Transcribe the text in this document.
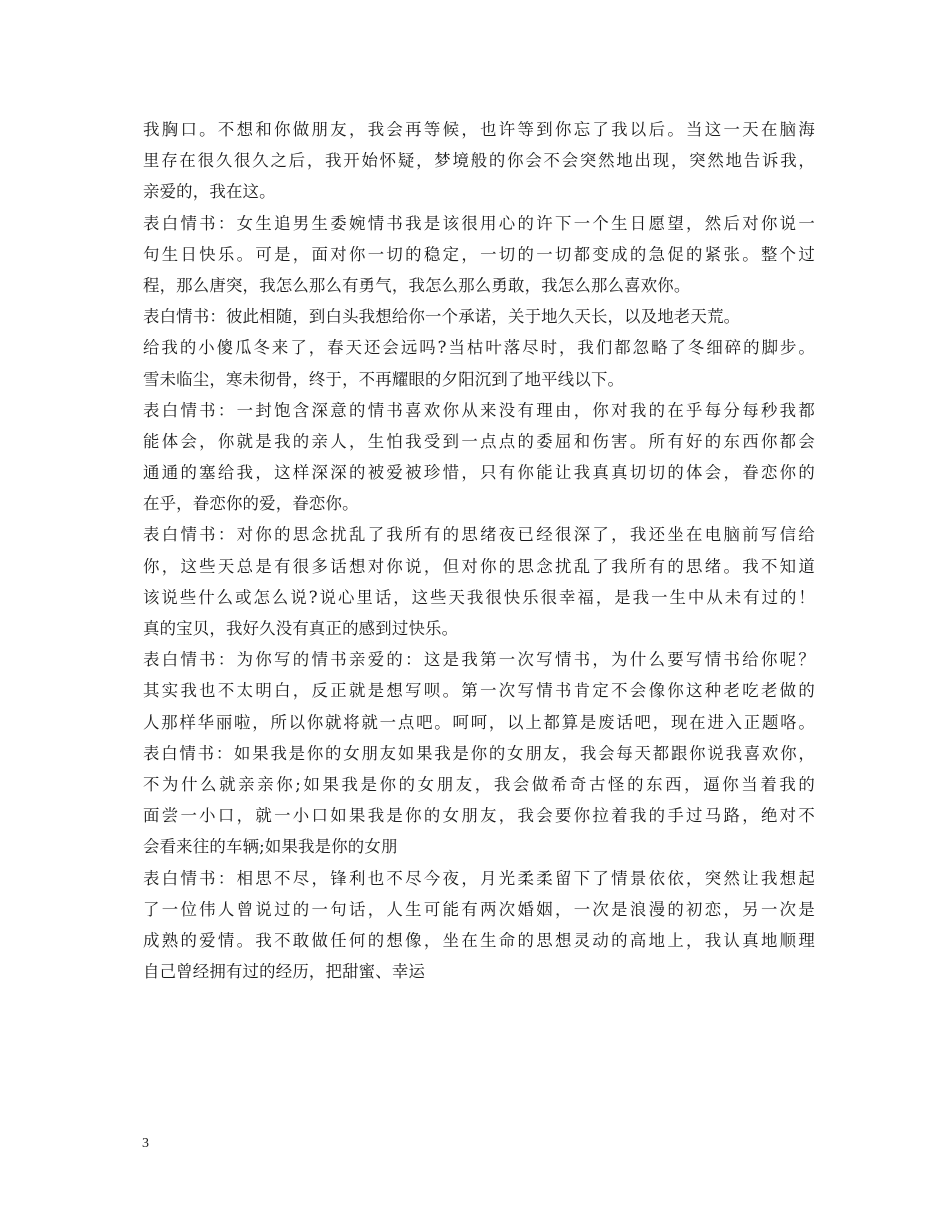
我胸口。不想和你做朋友，我会再等候，也许等到你忘了我以后。当这一天在脑海
里存在很久很久之后，我开始怀疑，梦境般的你会不会突然地出现，突然地告诉我，
亲爱的，我在这。
表白情书：女生追男生委婉情书我是该很用心的许下一个生日愿望，然后对你说一
句生日快乐。可是，面对你一切的稳定，一切的一切都变成的急促的紧张。整个过
程，那么唐突，我怎么那么有勇气，我怎么那么勇敢，我怎么那么喜欢你。
表白情书：彼此相随，到白头我想给你一个承诺，关于地久天长，以及地老天荒。
给我的小傻瓜冬来了，春天还会远吗?当枯叶落尽时，我们都忽略了冬细碎的脚步。
雪未临尘，寒未彻骨，终于，不再耀眼的夕阳沉到了地平线以下。
表白情书：一封饱含深意的情书喜欢你从来没有理由，你对我的在乎每分每秒我都
能体会，你就是我的亲人，生怕我受到一点点的委屈和伤害。所有好的东西你都会
通通的塞给我，这样深深的被爱被珍惜，只有你能让我真真切切的体会，眷恋你的
在乎，眷恋你的爱，眷恋你。
表白情书：对你的思念扰乱了我所有的思绪夜已经很深了，我还坐在电脑前写信给
你，这些天总是有很多话想对你说，但对你的思念扰乱了我所有的思绪。我不知道
该说些什么或怎么说?说心里话，这些天我很快乐很幸福，是我一生中从未有过的！
真的宝贝，我好久没有真正的感到过快乐。
表白情书：为你写的情书亲爱的：这是我第一次写情书，为什么要写情书给你呢？
其实我也不太明白，反正就是想写呗。第一次写情书肯定不会像你这种老吃老做的
人那样华丽啦，所以你就将就一点吧。呵呵，以上都算是废话吧，现在进入正题咯。
表白情书：如果我是你的女朋友如果我是你的女朋友，我会每天都跟你说我喜欢你，
不为什么就亲亲你;如果我是你的女朋友，我会做希奇古怪的东西，逼你当着我的
面尝一小口，就一小口如果我是你的女朋友，我会要你拉着我的手过马路，绝对不
会看来往的车辆;如果我是你的女朋
表白情书：相思不尽，锋利也不尽今夜，月光柔柔留下了情景依依，突然让我想起
了一位伟人曾说过的一句话，人生可能有两次婚姻，一次是浪漫的初恋，另一次是
成熟的爱情。我不敢做任何的想像，坐在生命的思想灵动的高地上，我认真地顺理
自己曾经拥有过的经历，把甜蜜、幸运
3
